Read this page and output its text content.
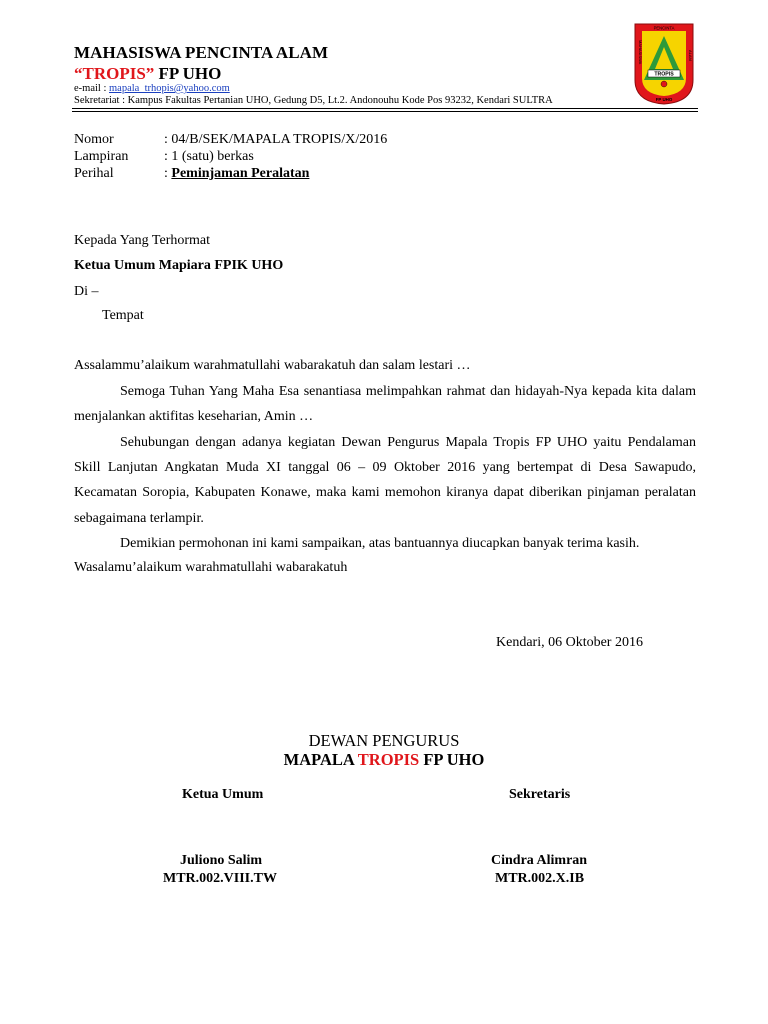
MAHASISWA PENCINTA ALAM
“TROPIS” FP UHO
e-mail : mapala_trhopis@yahoo.com
Sekretariat : Kampus Fakultas Pertanian UHO, Gedung D5, Lt.2. Andonouhu Kode Pos 93232, Kendari SULTRA
TROPIS
MAHASISWA
PENCINTA
ALAM
FP UHO
Nomor	: 04/B/SEK/MAPALA TROPIS/X/2016
Lampiran	: 1 (satu) berkas
Perihal	: Peminjaman Peralatan
Kepada Yang Terhormat
Ketua Umum Mapiara FPIK UHO
Di –
Tempat
Assalammu’alaikum warahmatullahi wabarakatuh dan salam lestari …
Semoga Tuhan Yang Maha Esa senantiasa melimpahkan rahmat dan hidayah-Nya kepada kita dalam menjalankan aktifitas keseharian, Amin …
Sehubungan dengan adanya kegiatan Dewan Pengurus Mapala Tropis FP UHO yaitu Pendalaman Skill Lanjutan Angkatan Muda XI tanggal 06 – 09 Oktober 2016 yang bertempat di Desa Sawapudo, Kecamatan Soropia, Kabupaten Konawe, maka kami memohon kiranya dapat diberikan pinjaman peralatan sebagaimana terlampir.
Demikian permohonan ini kami sampaikan, atas bantuannya diucapkan banyak terima kasih.
Wasalamu’alaikum warahmatullahi wabarakatuh
Kendari, 06 Oktober 2016
DEWAN PENGURUS
MAPALA TROPIS FP UHO
Ketua Umum	Sekretaris
Juliono Salim
MTR.002.VIII.TW
Cindra Alimran
MTR.002.X.IB
